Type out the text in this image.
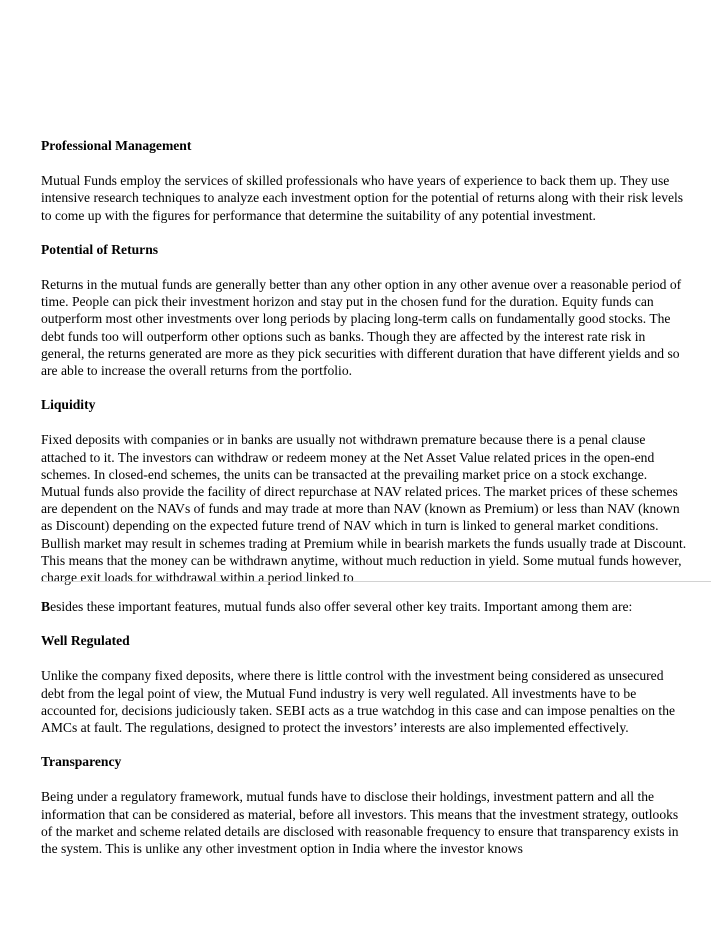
Professional Management

Mutual Funds employ the services of skilled professionals who have years of experience to back them up. They use intensive research techniques to analyze each investment option for the potential of returns along with their risk levels to come up with the figures for performance that determine the suitability of any potential investment.

Potential of Returns

Returns in the mutual funds are generally better than any other option in any other avenue over a reasonable period of time. People can pick their investment horizon and stay put in the chosen fund for the duration. Equity funds can outperform most other investments over long periods by placing long-term calls on fundamentally good stocks. The debt funds too will outperform other options such as banks. Though they are affected by the interest rate risk in general, the returns generated are more as they pick securities with different duration that have different yields and so are able to increase the overall returns from the portfolio.

Liquidity

Fixed deposits with companies or in banks are usually not withdrawn premature because there is a penal clause attached to it. The investors can withdraw or redeem money at the Net Asset Value related prices in the open-end schemes. In closed-end schemes, the units can be transacted at the prevailing market price on a stock exchange. Mutual funds also provide the facility of direct repurchase at NAV related prices. The market prices of these schemes are dependent on the NAVs of funds and may trade at more than NAV (known as Premium) or less than NAV (known as Discount) depending on the expected future trend of NAV which in turn is linked to general market conditions. Bullish market may result in schemes trading at Premium while in bearish markets the funds usually trade at Discount. This means that the money can be withdrawn anytime, without much reduction in yield. Some mutual funds however, charge exit loads for withdrawal within a period linked to

Besides these important features, mutual funds also offer several other key traits. Important among them are:

Well Regulated

Unlike the company fixed deposits, where there is little control with the investment being considered as unsecured debt from the legal point of view, the Mutual Fund industry is very well regulated. All investments have to be accounted for, decisions judiciously taken. SEBI acts as a true watchdog in this case and can impose penalties on the AMCs at fault. The regulations, designed to protect the investors’ interests are also implemented effectively.

Transparency

Being under a regulatory framework, mutual funds have to disclose their holdings, investment pattern and all the information that can be considered as material, before all investors. This means that the investment strategy, outlooks of the market and scheme related details are disclosed with reasonable frequency to ensure that transparency exists in the system. This is unlike any other investment option in India where the investor knows
